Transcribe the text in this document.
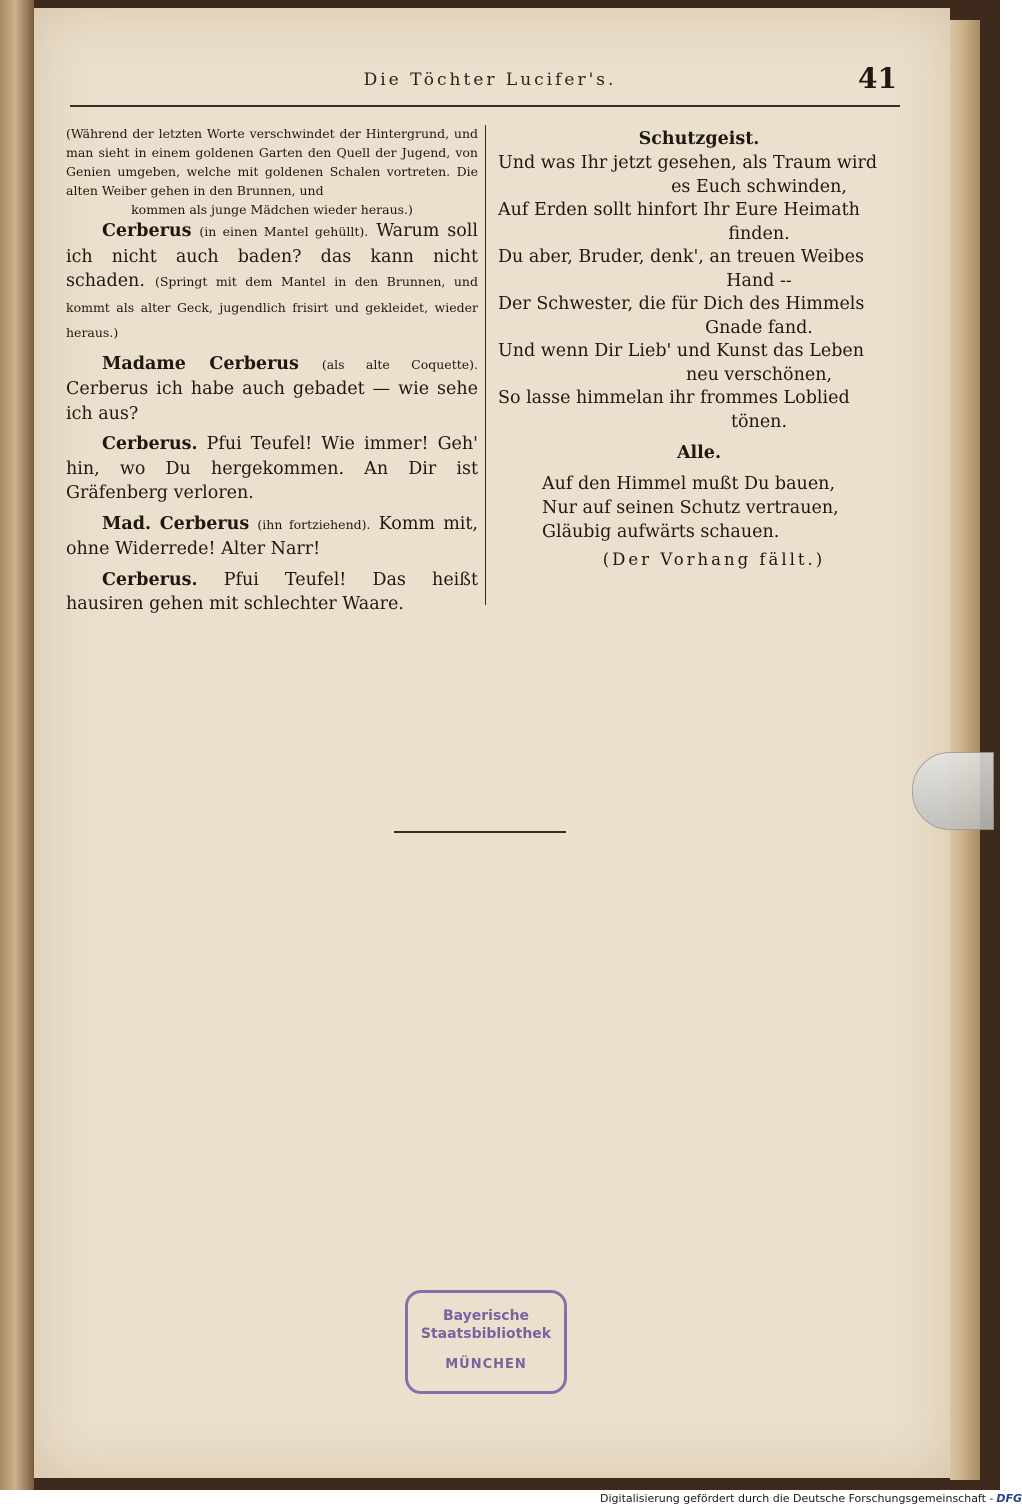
Die Töchter Lucifer's.	41

(Während der letzten Worte verschwindet der Hintergrund, und man sieht in einem goldenen Garten den Quell der Jugend, von Genien umgeben, welche mit goldenen Schalen vortreten. Die alten Weiber gehen in den Brunnen, und

kommen als junge Mädchen wieder heraus.)

Cerberus (in einen Mantel gehüllt). Warum soll ich nicht auch baden? das kann nicht schaden. (Springt mit dem Mantel in den Brunnen, und kommt als alter Geck, jugendlich frisirt und gekleidet, wieder heraus.)

Madame Cerberus (als alte Coquette). Cerberus ich habe auch gebadet — wie sehe ich aus?

Cerberus. Pfui Teufel! Wie immer! Geh' hin, wo Du hergekommen. An Dir ist Gräfenberg verloren.

Mad. Cerberus (ihn fortziehend). Komm mit, ohne Widerrede! Alter Narr!

Cerberus. Pfui Teufel! Das heißt hausiren gehen mit schlechter Waare.

Schutzgeist.

Und was Ihr jetzt gesehen, als Traum wird
es Euch schwinden,

Auf Erden sollt hinfort Ihr Eure Heimath
finden.

Du aber, Bruder, denk', an treuen Weibes
Hand --

Der Schwester, die für Dich des Himmels
Gnade fand.

Und wenn Dir Lieb' und Kunst das Leben
neu verschönen,

So lasse himmelan ihr frommes Loblied
tönen.

Alle.

Auf den Himmel mußt Du bauen,

Nur auf seinen Schutz vertrauen,

Gläubig aufwärts schauen.

(Der Vorhang fällt.)

Bayerische
Staatsbibliothek
MÜNCHEN
Digitalisierung gefördert durch die Deutsche Forschungsgemeinschaft - DFG
